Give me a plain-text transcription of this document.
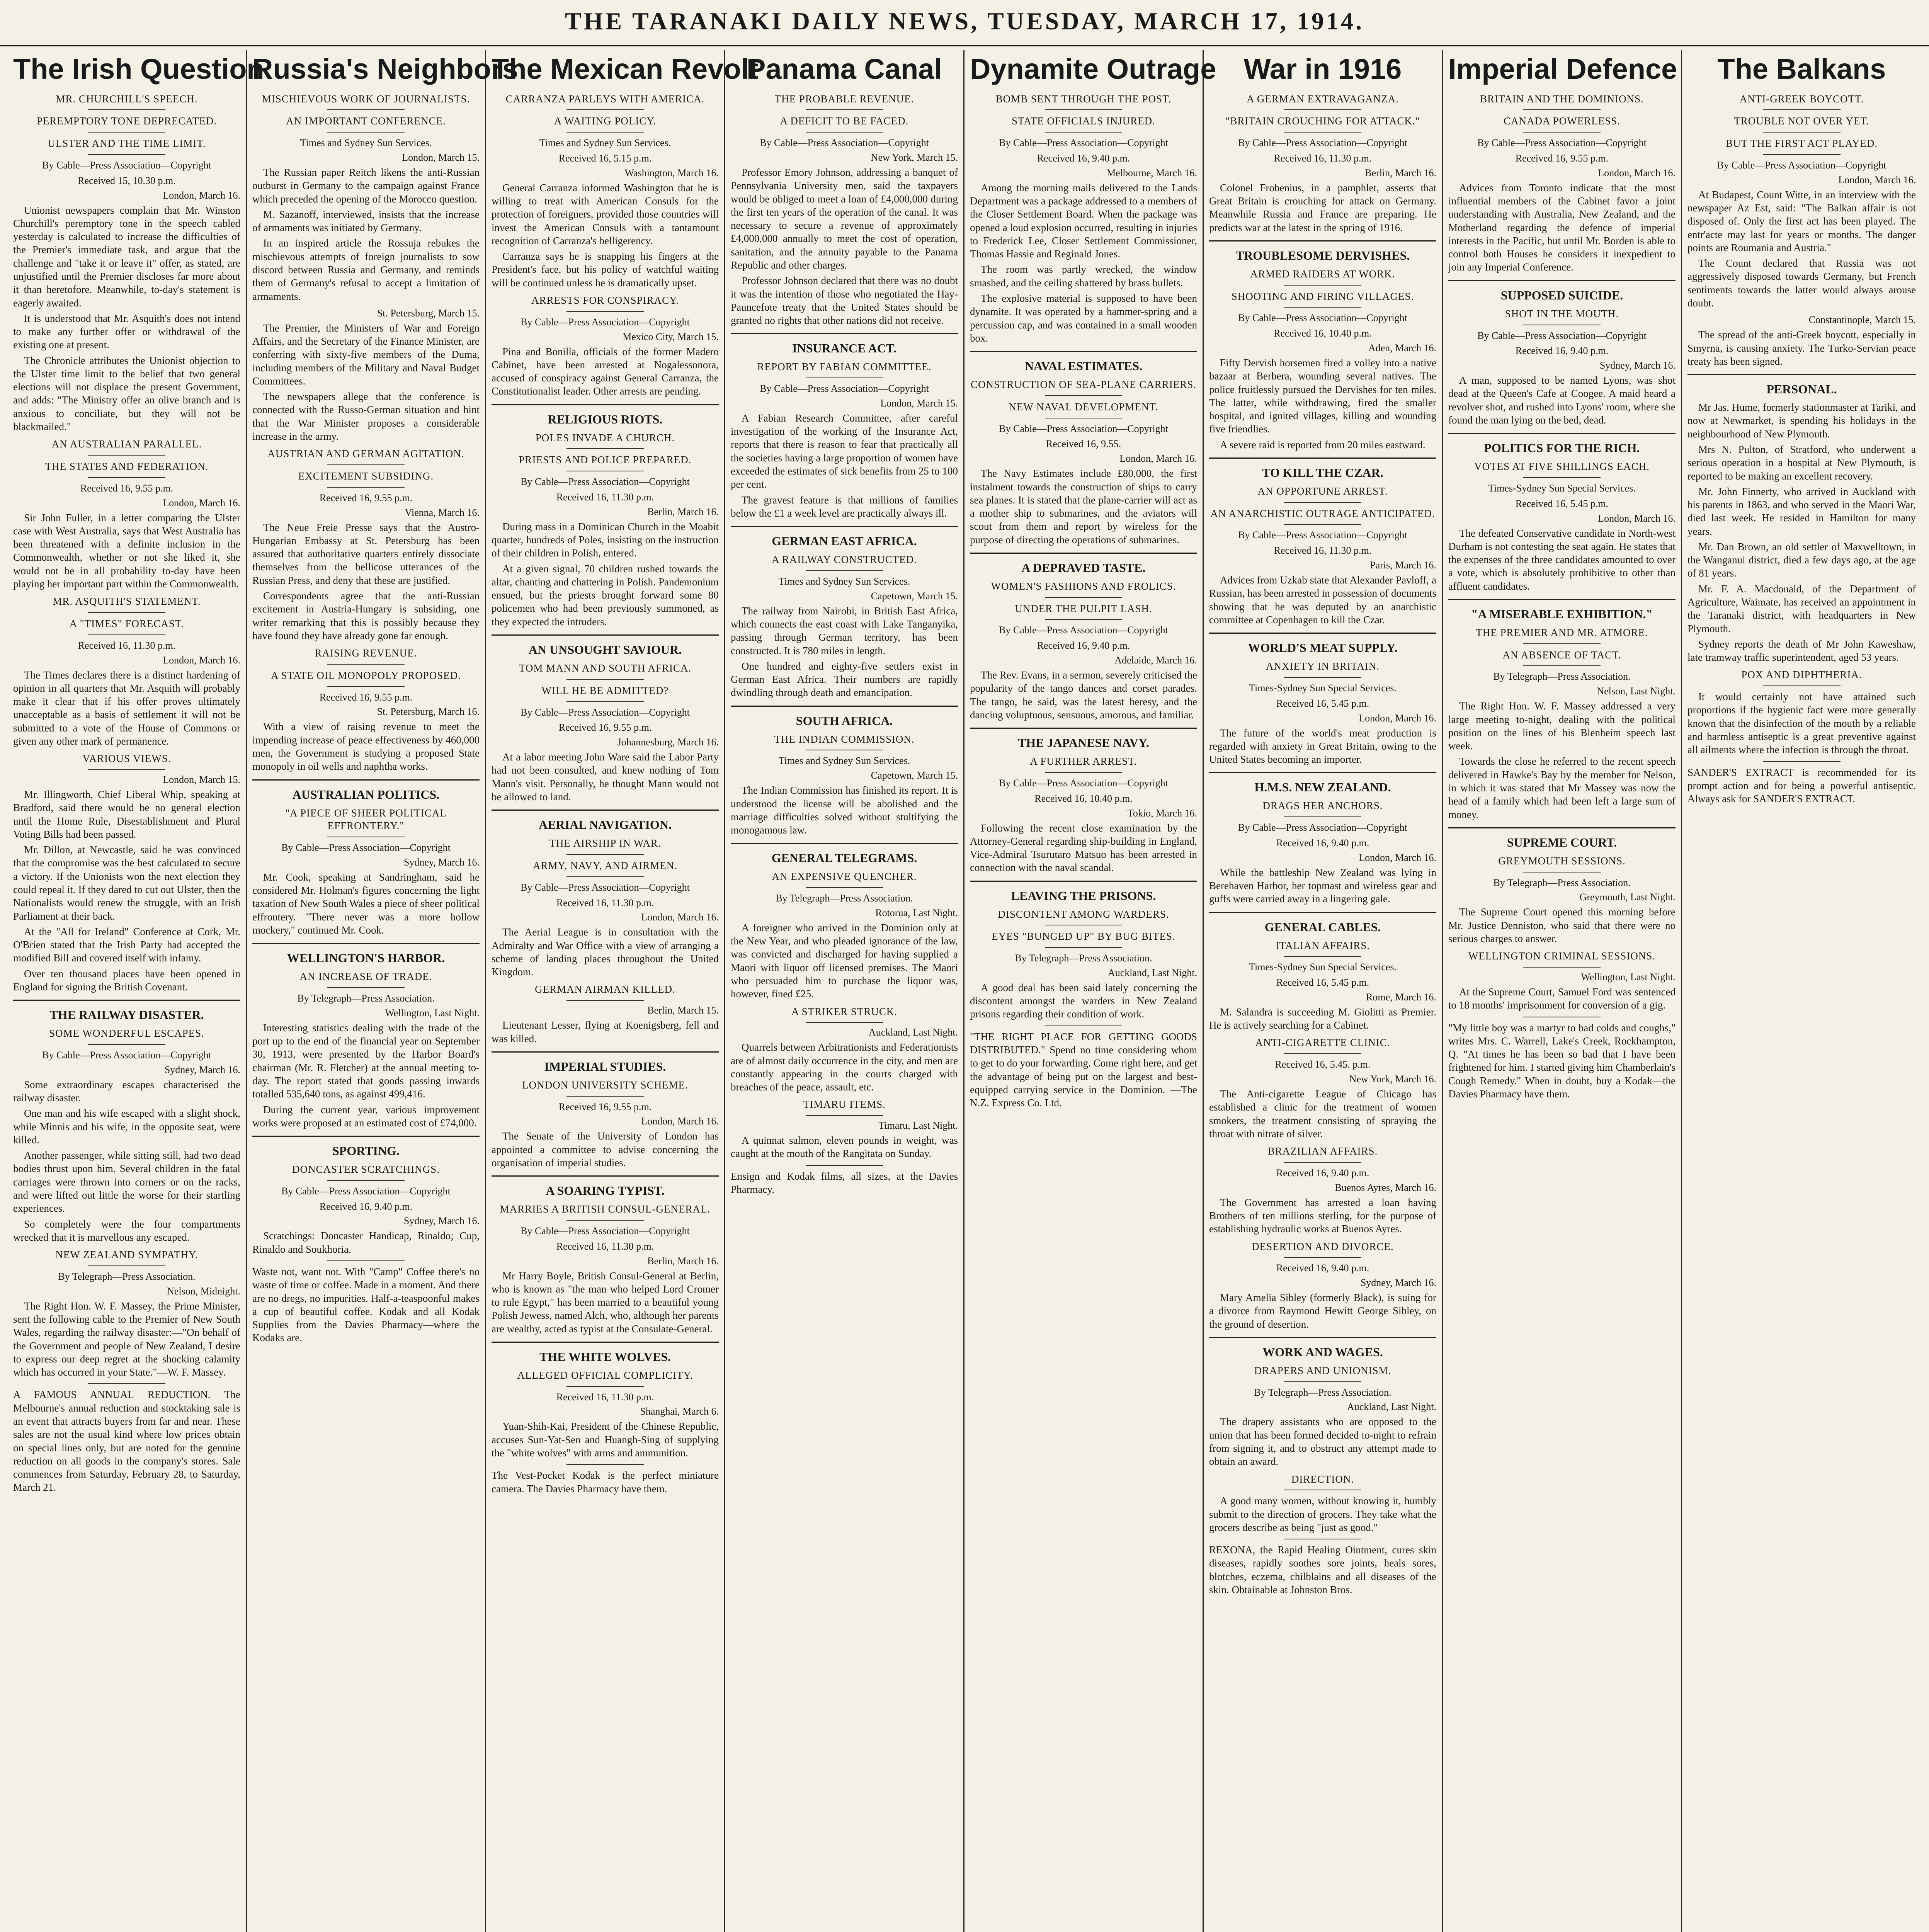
THE TARANAKI DAILY NEWS, TUESDAY, MARCH 17, 1914.
The Irish Question
MR. CHURCHILL'S SPEECH.
PEREMPTORY TONE DEPRECATED.
ULSTER AND THE TIME LIMIT.
By Cable—Press Association—Copyright
Received 15, 10.30 p.m.
London, March 16.

Unionist newspapers complain that Mr. Winston Churchill's peremptory tone in the speech cabled yesterday is calculated to increase the difficulties of the Premier's immediate task, and argue that the challenge and "take it or leave it" offer, as stated, are unjustified until the Premier discloses far more about it than heretofore. Meanwhile, to-day's statement is eagerly awaited.

It is understood that Mr. Asquith's does not intend to make any further offer or withdrawal of the existing one at present.

The Chronicle attributes the Unionist objection to the Ulster time limit to the belief that two general elections will not displace the present Government, and adds: "The Ministry offer an olive branch and is anxious to conciliate, but they will not be blackmailed."

AN AUSTRALIAN PARALLEL.
THE STATES AND FEDERATION.
Received 16, 9.55 p.m.
London, March 16.

Sir John Fuller, in a letter comparing the Ulster case with West Australia, says that West Australia has been threatened with a definite inclusion in the Commonwealth, whether or not she liked it, she would not be in all probability to-day have been playing her important part within the Commonwealth.

MR. ASQUITH'S STATEMENT.
A "TIMES" FORECAST.
Received 16, 11.30 p.m.
London, March 16.

The Times declares there is a distinct hardening of opinion in all quarters that Mr. Asquith will probably make it clear that if his offer proves ultimately unacceptable as a basis of settlement it will not be submitted to a vote of the House of Commons or given any other mark of permanence.

VARIOUS VIEWS.
London, March 15.

Mr. Illingworth, Chief Liberal Whip, speaking at Bradford, said there would be no general election until the Home Rule, Disestablishment and Plural Voting Bills had been passed.

Mr. Dillon, at Newcastle, said he was convinced that the compromise was the best calculated to secure a victory. If the Unionists won the next election they could repeal it. If they dared to cut out Ulster, then the Nationalists would renew the struggle, with an Irish Parliament at their back.

At the "All for Ireland" Conference at Cork, Mr. O'Brien stated that the Irish Party had accepted the modified Bill and covered itself with infamy.

Over ten thousand places have been opened in England for signing the British Covenant.

THE RAILWAY DISASTER.
SOME WONDERFUL ESCAPES.
By Cable—Press Association—Copyright
Sydney, March 16.

Some extraordinary escapes characterised the railway disaster.

One man and his wife escaped with a slight shock, while Minnis and his wife, in the opposite seat, were killed.

Another passenger, while sitting still, had two dead bodies thrust upon him. Several children in the fatal carriages were thrown into corners or on the racks, and were lifted out little the worse for their startling experiences.

So completely were the four compartments wrecked that it is marvellous any escaped.

NEW ZEALAND SYMPATHY.
By Telegraph—Press Association.
Nelson, Midnight.

The Right Hon. W. F. Massey, the Prime Minister, sent the following cable to the Premier of New South Wales, regarding the railway disaster:—"On behalf of the Government and people of New Zealand, I desire to express our deep regret at the shocking calamity which has occurred in your State."—W. F. Massey.

A FAMOUS ANNUAL REDUCTION. The Melbourne's annual reduction and stocktaking sale is an event that attracts buyers from far and near. These sales are not the usual kind where low prices obtain on special lines only, but are noted for the genuine reduction on all goods in the company's stores. Sale commences from Saturday, February 28, to Saturday, March 21.

Russia's Neighbors
MISCHIEVOUS WORK OF JOURNALISTS.
AN IMPORTANT CONFERENCE.
Times and Sydney Sun Services.
London, March 15.

The Russian paper Reitch likens the anti-Russian outburst in Germany to the campaign against France which preceded the opening of the Morocco question.

M. Sazanoff, interviewed, insists that the increase of armaments was initiated by Germany.

In an inspired article the Rossuja rebukes the mischievous attempts of foreign journalists to sow discord between Russia and Germany, and reminds them of Germany's refusal to accept a limitation of armaments.

St. Petersburg, March 15.

The Premier, the Ministers of War and Foreign Affairs, and the Secretary of the Finance Minister, are conferring with sixty-five members of the Duma, including members of the Military and Naval Budget Committees.

The newspapers allege that the conference is connected with the Russo-German situation and hint that the War Minister proposes a considerable increase in the army.

AUSTRIAN AND GERMAN AGITATION.
EXCITEMENT SUBSIDING.
Received 16, 9.55 p.m.
Vienna, March 16.

The Neue Freie Presse says that the Austro-Hungarian Embassy at St. Petersburg has been assured that authoritative quarters entirely dissociate themselves from the bellicose utterances of the Russian Press, and deny that these are justified.

Correspondents agree that the anti-Russian excitement in Austria-Hungary is subsiding, one writer remarking that this is possibly because they have found they have already gone far enough.

RAISING REVENUE.
A STATE OIL MONOPOLY PROPOSED.
Received 16, 9.55 p.m.
St. Petersburg, March 16.

With a view of raising revenue to meet the impending increase of peace effectiveness by 460,000 men, the Government is studying a proposed State monopoly in oil wells and naphtha works.

AUSTRALIAN POLITICS.
"A PIECE OF SHEER POLITICAL EFFRONTERY."
By Cable—Press Association—Copyright
Sydney, March 16.

Mr. Cook, speaking at Sandringham, said he considered Mr. Holman's figures concerning the light taxation of New South Wales a piece of sheer political effrontery. "There never was a more hollow mockery," continued Mr. Cook.

WELLINGTON'S HARBOR.
AN INCREASE OF TRADE.
By Telegraph—Press Association.
Wellington, Last Night.

Interesting statistics dealing with the trade of the port up to the end of the financial year on September 30, 1913, were presented by the Harbor Board's chairman (Mr. R. Fletcher) at the annual meeting to-day. The report stated that goods passing inwards totalled 535,640 tons, as against 499,416.

During the current year, various improvement works were proposed at an estimated cost of £74,000.

SPORTING.
DONCASTER SCRATCHINGS.
By Cable—Press Association—Copyright
Received 16, 9.40 p.m.
Sydney, March 16.

Scratchings: Doncaster Handicap, Rinaldo; Cup, Rinaldo and Soukhoria.

Waste not, want not. With "Camp" Coffee there's no waste of time or coffee. Made in a moment. And there are no dregs, no impurities. Half-a-teaspoonful makes a cup of beautiful coffee. Kodak and all Kodak Supplies from the Davies Pharmacy—where the Kodaks are.

The Mexican Revolt
CARRANZA PARLEYS WITH AMERICA.
A WAITING POLICY.
Times and Sydney Sun Services.
Received 16, 5.15 p.m.
Washington, March 16.

General Carranza informed Washington that he is willing to treat with American Consuls for the protection of foreigners, provided those countries will invest the American Consuls with a tantamount recognition of Carranza's belligerency.

Carranza says he is snapping his fingers at the President's face, but his policy of watchful waiting will be continued unless he is dramatically upset.

ARRESTS FOR CONSPIRACY.
By Cable—Press Association—Copyright
Mexico City, March 15.

Pina and Bonilla, officials of the former Madero Cabinet, have been arrested at Nogalessonora, accused of conspiracy against General Carranza, the Constitutionalist leader. Other arrests are pending.

RELIGIOUS RIOTS.
POLES INVADE A CHURCH.
PRIESTS AND POLICE PREPARED.
By Cable—Press Association—Copyright
Received 16, 11.30 p.m.
Berlin, March 16.

During mass in a Dominican Church in the Moabit quarter, hundreds of Poles, insisting on the instruction of their children in Polish, entered.

At a given signal, 70 children rushed towards the altar, chanting and chattering in Polish. Pandemonium ensued, but the priests brought forward some 80 policemen who had been previously summoned, as they expected the intruders.

AN UNSOUGHT SAVIOUR.
TOM MANN AND SOUTH AFRICA.
WILL HE BE ADMITTED?
By Cable—Press Association—Copyright
Received 16, 9.55 p.m.
Johannesburg, March 16.

At a labor meeting John Ware said the Labor Party had not been consulted, and knew nothing of Tom Mann's visit. Personally, he thought Mann would not be allowed to land.

AERIAL NAVIGATION.
THE AIRSHIP IN WAR.
ARMY, NAVY, AND AIRMEN.
By Cable—Press Association—Copyright
Received 16, 11.30 p.m.
London, March 16.

The Aerial League is in consultation with the Admiralty and War Office with a view of arranging a scheme of landing places throughout the United Kingdom.

GERMAN AIRMAN KILLED.
Berlin, March 15.

Lieutenant Lesser, flying at Koenigsberg, fell and was killed.

IMPERIAL STUDIES.
LONDON UNIVERSITY SCHEME.
Received 16, 9.55 p.m.
London, March 16.

The Senate of the University of London has appointed a committee to advise concerning the organisation of imperial studies.

A SOARING TYPIST.
MARRIES A BRITISH CONSUL-GENERAL.
By Cable—Press Association—Copyright
Received 16, 11.30 p.m.
Berlin, March 16.

Mr Harry Boyle, British Consul-General at Berlin, who is known as "the man who helped Lord Cromer to rule Egypt," has been married to a beautiful young Polish Jewess, named Alch, who, although her parents are wealthy, acted as typist at the Consulate-General.

THE WHITE WOLVES.
ALLEGED OFFICIAL COMPLICITY.
Received 16, 11.30 p.m.
Shanghai, March 6.

Yuan-Shih-Kai, President of the Chinese Republic, accuses Sun-Yat-Sen and Huangh-Sing of supplying the "white wolves" with arms and ammunition.

The Vest-Pocket Kodak is the perfect miniature camera. The Davies Pharmacy have them.

Panama Canal
THE PROBABLE REVENUE.
A DEFICIT TO BE FACED.
By Cable—Press Association—Copyright
New York, March 15.

Professor Emory Johnson, addressing a banquet of Pennsylvania University men, said the taxpayers would be obliged to meet a loan of £4,000,000 during the first ten years of the operation of the canal. It was necessary to secure a revenue of approximately £4,000,000 annually to meet the cost of operation, sanitation, and the annuity payable to the Panama Republic and other charges.

Professor Johnson declared that there was no doubt it was the intention of those who negotiated the Hay-Pauncefote treaty that the United States should be granted no rights that other nations did not receive.

INSURANCE ACT.
REPORT BY FABIAN COMMITTEE.
By Cable—Press Association—Copyright
London, March 15.

A Fabian Research Committee, after careful investigation of the working of the Insurance Act, reports that there is reason to fear that practically all the societies having a large proportion of women have exceeded the estimates of sick benefits from 25 to 100 per cent.

The gravest feature is that millions of families below the £1 a week level are practically always ill.

GERMAN EAST AFRICA.
A RAILWAY CONSTRUCTED.
Times and Sydney Sun Services.
Capetown, March 15.

The railway from Nairobi, in British East Africa, which connects the east coast with Lake Tanganyika, passing through German territory, has been constructed. It is 780 miles in length.

One hundred and eighty-five settlers exist in German East Africa. Their numbers are rapidly dwindling through death and emancipation.

SOUTH AFRICA.
THE INDIAN COMMISSION.
Times and Sydney Sun Services.
Capetown, March 15.

The Indian Commission has finished its report. It is understood the license will be abolished and the marriage difficulties solved without stultifying the monogamous law.

GENERAL TELEGRAMS.
AN EXPENSIVE QUENCHER.
By Telegraph—Press Association.
Rotorua, Last Night.

A foreigner who arrived in the Dominion only at the New Year, and who pleaded ignorance of the law, was convicted and discharged for having supplied a Maori with liquor off licensed premises. The Maori who persuaded him to purchase the liquor was, however, fined £25.

A STRIKER STRUCK.
Auckland, Last Night.

Quarrels between Arbitrationists and Federationists are of almost daily occurrence in the city, and men are constantly appearing in the courts charged with breaches of the peace, assault, etc.

TIMARU ITEMS.
Timaru, Last Night.

A quinnat salmon, eleven pounds in weight, was caught at the mouth of the Rangitata on Sunday.

Ensign and Kodak films, all sizes, at the Davies Pharmacy.

Dynamite Outrage
BOMB SENT THROUGH THE POST.
STATE OFFICIALS INJURED.
By Cable—Press Association—Copyright
Received 16, 9.40 p.m.
Melbourne, March 16.

Among the morning mails delivered to the Lands Department was a package addressed to a members of the Closer Settlement Board. When the package was opened a loud explosion occurred, resulting in injuries to Frederick Lee, Closer Settlement Commissioner, Thomas Hassie and Reginald Jones.

The room was partly wrecked, the window smashed, and the ceiling shattered by brass bullets.

The explosive material is supposed to have been dynamite. It was operated by a hammer-spring and a percussion cap, and was contained in a small wooden box.

NAVAL ESTIMATES.
CONSTRUCTION OF SEA-PLANE CARRIERS.
NEW NAVAL DEVELOPMENT.
By Cable—Press Association—Copyright
Received 16, 9.55.
London, March 16.

The Navy Estimates include £80,000, the first instalment towards the construction of ships to carry sea planes. It is stated that the plane-carrier will act as a mother ship to submarines, and the aviators will scout from them and report by wireless for the purpose of directing the operations of submarines.

A DEPRAVED TASTE.
WOMEN'S FASHIONS AND FROLICS.
UNDER THE PULPIT LASH.
By Cable—Press Association—Copyright
Received 16, 9.40 p.m.
Adelaide, March 16.

The Rev. Evans, in a sermon, severely criticised the popularity of the tango dances and corset parades. The tango, he said, was the latest heresy, and the dancing voluptuous, sensuous, amorous, and familiar.

THE JAPANESE NAVY.
A FURTHER ARREST.
By Cable—Press Association—Copyright
Received 16, 10.40 p.m.
Tokio, March 16.

Following the recent close examination by the Attorney-General regarding ship-building in England, Vice-Admiral Tsurutaro Matsuo has been arrested in connection with the naval scandal.

LEAVING THE PRISONS.
DISCONTENT AMONG WARDERS.
EYES "BUNGED UP" BY BUG BITES.
By Telegraph—Press Association.
Auckland, Last Night.

A good deal has been said lately concerning the discontent amongst the warders in New Zealand prisons regarding their condition of work.

"THE RIGHT PLACE FOR GETTING GOODS DISTRIBUTED." Spend no time considering whom to get to do your forwarding. Come right here, and get the advantage of being put on the largest and best-equipped carrying service in the Dominion. —The N.Z. Express Co. Ltd.

War in 1916
A GERMAN EXTRAVAGANZA.
"BRITAIN CROUCHING FOR ATTACK."
By Cable—Press Association—Copyright
Received 16, 11.30 p.m.
Berlin, March 16.

Colonel Frobenius, in a pamphlet, asserts that Great Britain is crouching for attack on Germany. Meanwhile Russia and France are preparing. He predicts war at the latest in the spring of 1916.

TROUBLESOME DERVISHES.
ARMED RAIDERS AT WORK.
SHOOTING AND FIRING VILLAGES.
By Cable—Press Association—Copyright
Received 16, 10.40 p.m.
Aden, March 16.

Fifty Dervish horsemen fired a volley into a native bazaar at Berbera, wounding several natives. The police fruitlessly pursued the Dervishes for ten miles. The latter, while withdrawing, fired the smaller hospital, and ignited villages, killing and wounding five friendlies.

A severe raid is reported from 20 miles eastward.

TO KILL THE CZAR.
AN OPPORTUNE ARREST.
AN ANARCHISTIC OUTRAGE ANTICIPATED.
By Cable—Press Association—Copyright
Received 16, 11.30 p.m.
Paris, March 16.

Advices from Uzkab state that Alexander Pavloff, a Russian, has been arrested in possession of documents showing that he was deputed by an anarchistic committee at Copenhagen to kill the Czar.

WORLD'S MEAT SUPPLY.
ANXIETY IN BRITAIN.
Times-Sydney Sun Special Services.
Received 16, 5.45 p.m.
London, March 16.

The future of the world's meat production is regarded with anxiety in Great Britain, owing to the United States becoming an importer.

H.M.S. NEW ZEALAND.
DRAGS HER ANCHORS.
By Cable—Press Association—Copyright
Received 16, 9.40 p.m.
London, March 16.

While the battleship New Zealand was lying in Berehaven Harbor, her topmast and wireless gear and guffs were carried away in a lingering gale.

GENERAL CABLES.
ITALIAN AFFAIRS.
Times-Sydney Sun Special Services.
Received 16, 5.45 p.m.
Rome, March 16.

M. Salandra is succeeding M. Giolitti as Premier. He is actively searching for a Cabinet.

ANTI-CIGARETTE CLINIC.
Received 16, 5.45. p.m.
New York, March 16.

The Anti-cigarette League of Chicago has established a clinic for the treatment of women smokers, the treatment consisting of spraying the throat with nitrate of silver.

BRAZILIAN AFFAIRS.
Received 16, 9.40 p.m.
Buenos Ayres, March 16.

The Government has arrested a loan having Brothers of ten millions sterling, for the purpose of establishing hydraulic works at Buenos Ayres.

DESERTION AND DIVORCE.
Received 16, 9.40 p.m.
Sydney, March 16.

Mary Amelia Sibley (formerly Black), is suing for a divorce from Raymond Hewitt George Sibley, on the ground of desertion.

WORK AND WAGES.
DRAPERS AND UNIONISM.
By Telegraph—Press Association.
Auckland, Last Night.

The drapery assistants who are opposed to the union that has been formed decided to-night to refrain from signing it, and to obstruct any attempt made to obtain an award.

DIRECTION.

A good many women, without knowing it, humbly submit to the direction of grocers. They take what the grocers describe as being "just as good."

REXONA, the Rapid Healing Ointment, cures skin diseases, rapidly soothes sore joints, heals sores, blotches, eczema, chilblains and all diseases of the skin. Obtainable at Johnston Bros.

Imperial Defence
BRITAIN AND THE DOMINIONS.
CANADA POWERLESS.
By Cable—Press Association—Copyright
Received 16, 9.55 p.m.
London, March 16.

Advices from Toronto indicate that the most influential members of the Cabinet favor a joint understanding with Australia, New Zealand, and the Motherland regarding the defence of imperial interests in the Pacific, but until Mr. Borden is able to control both Houses he considers it inexpedient to join any Imperial Conference.

SUPPOSED SUICIDE.
SHOT IN THE MOUTH.
By Cable—Press Association—Copyright
Received 16, 9.40 p.m.
Sydney, March 16.

A man, supposed to be named Lyons, was shot dead at the Queen's Cafe at Coogee. A maid heard a revolver shot, and rushed into Lyons' room, where she found the man lying on the bed, dead.

POLITICS FOR THE RICH.
VOTES AT FIVE SHILLINGS EACH.
Times-Sydney Sun Special Services.
Received 16, 5.45 p.m.
London, March 16.

The defeated Conservative candidate in North-west Durham is not contesting the seat again. He states that the expenses of the three candidates amounted to over a vote, which is absolutely prohibitive to other than affluent candidates.

"A MISERABLE EXHIBITION."
THE PREMIER AND MR. ATMORE.
AN ABSENCE OF TACT.
By Telegraph—Press Association.
Nelson, Last Night.

The Right Hon. W. F. Massey addressed a very large meeting to-night, dealing with the political position on the lines of his Blenheim speech last week.

Towards the close he referred to the recent speech delivered in Hawke's Bay by the member for Nelson, in which it was stated that Mr Massey was now the head of a family which had been left a large sum of money.

SUPREME COURT.
GREYMOUTH SESSIONS.
By Telegraph—Press Association.
Greymouth, Last Night.

The Supreme Court opened this morning before Mr. Justice Denniston, who said that there were no serious charges to answer.

WELLINGTON CRIMINAL SESSIONS.
Wellington, Last Night.

At the Supreme Court, Samuel Ford was sentenced to 18 months' imprisonment for conversion of a gig.

"My little boy was a martyr to bad colds and coughs," writes Mrs. C. Warrell, Lake's Creek, Rockhampton, Q. "At times he has been so bad that I have been frightened for him. I started giving him Chamberlain's Cough Remedy." When in doubt, buy a Kodak—the Davies Pharmacy have them.

The Balkans
ANTI-GREEK BOYCOTT.
TROUBLE NOT OVER YET.
BUT THE FIRST ACT PLAYED.
By Cable—Press Association—Copyright
London, March 16.

At Budapest, Count Witte, in an interview with the newspaper Az Est, said: "The Balkan affair is not disposed of. Only the first act has been played. The entr'acte may last for years or months. The danger points are Roumania and Austria."

The Count declared that Russia was not aggressively disposed towards Germany, but French sentiments towards the latter would always arouse doubt.

Constantinople, March 15.

The spread of the anti-Greek boycott, especially in Smyrna, is causing anxiety. The Turko-Servian peace treaty has been signed.

PERSONAL.

Mr Jas. Hume, formerly stationmaster at Tariki, and now at Newmarket, is spending his holidays in the neighbourhood of New Plymouth.

Mrs N. Pulton, of Stratford, who underwent a serious operation in a hospital at New Plymouth, is reported to be making an excellent recovery.

Mr. John Finnerty, who arrived in Auckland with his parents in 1863, and who served in the Maori War, died last week. He resided in Hamilton for many years.

Mr. Dan Brown, an old settler of Maxwelltown, in the Wanganui district, died a few days ago, at the age of 81 years.

Mr. F. A. Macdonald, of the Department of Agriculture, Waimate, has received an appointment in the Taranaki district, with headquarters in New Plymouth.

Sydney reports the death of Mr John Kaweshaw, late tramway traffic superintendent, aged 53 years.

POX AND DIPHTHERIA.

It would certainly not have attained such proportions if the hygienic fact were more generally known that the disinfection of the mouth by a reliable and harmless antiseptic is a great preventive against all ailments where the infection is through the throat.

SANDER'S EXTRACT is recommended for its prompt action and for being a powerful antiseptic. Always ask for SANDER'S EXTRACT.
